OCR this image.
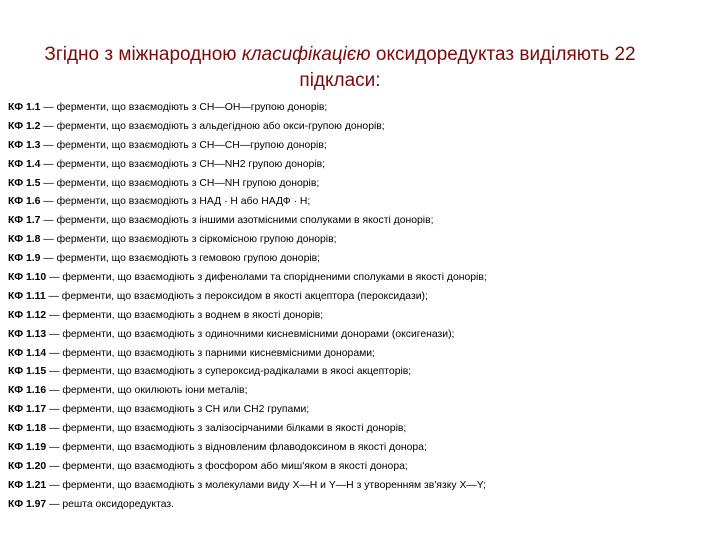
Згідно з міжнародною класифікацією оксидоредуктаз виділяють 22 підкласи:
КФ 1.1 — ферменти, що взаємодіють з CH—OH—групою донорів;
КФ 1.2 — ферменти, що взаємодіють з альдегідною або окси-групою донорів;
КФ 1.3 — ферменти, що взаємодіють з CH—CH—групою донорів;
КФ 1.4 — ферменти, що взаємодіють з CH—NH2 групою донорів;
КФ 1.5 — ферменти, що взаємодіють з CH—NH групою донорів;
КФ 1.6 — ферменти, що взаємодіють з НАД · Н або НАДФ · Н;
КФ 1.7 — ферменти, що взаємодіють з іншими азотмісними сполуками в якості донорів;
КФ 1.8 — ферменти, що взаємодіють з сіркомісною групою донорів;
КФ 1.9 — ферменти, що взаємодіють з гемовою групою донорів;
КФ 1.10 — ферменти, що взаємодіють з дифенолами та спорідненими сполуками в якості донорів;
КФ 1.11 — ферменти, що взаємодіють з пероксидом в якості акцептора (пероксидази);
КФ 1.12 — ферменти, що взаємодіють з воднем в якості донорів;
КФ 1.13 — ферменти, що взаємодіють з одиночними кисневмісними донорами (оксигенази);
КФ 1.14 — ферменти, що взаємодіють з парними кисневмісними донорами;
КФ 1.15 — ферменти, що взаємодіють з супероксид-радікалами в якосі акцепторів;
КФ 1.16 — ферменти, що окилюють іони металів;
КФ 1.17 — ферменти, що взаємодіють з CH или CH2 групами;
КФ 1.18 — ферменти, що взаємодіють з залізосірчаними білками в якості донорів;
КФ 1.19 — ферменти, що взаємодіють з відновленим флаводоксином в якості донора;
КФ 1.20 — ферменти, що взаємодіють з фосфором або миш'яком в якості донора;
КФ 1.21 — ферменти, що взаємодіють з молекулами виду X—H и Y—H з утворенням зв'язку X—Y;
КФ 1.97 — решта оксидоредуктаз.
